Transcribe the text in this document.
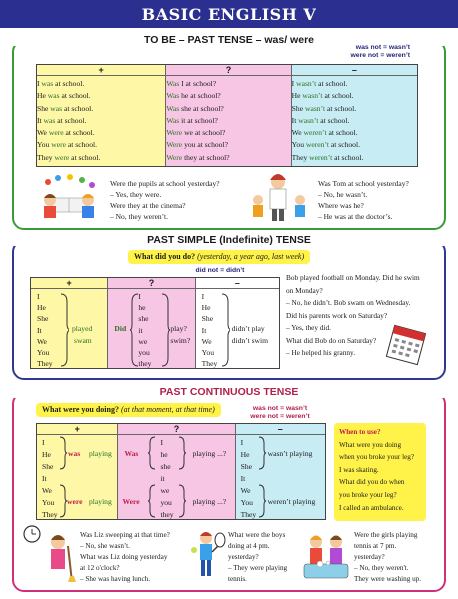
BASIC ENGLISH V
TO BE – PAST TENSE – was/ were
was not = wasn’t
were not = weren’t
+
I was at school.
He was at school.
She was at school.
It was at school.
We were at school.
You were at school.
They were at school.
?
Was I at school?
Was he at school?
Was she at school?
Was it at school?
Were we at school?
Were you at school?
Were they at school?
–
I wasn’t at school.
He wasn’t at school.
She wasn’t at school.
It wasn’t at school.
We weren’t at school.
You weren’t at school.
They weren’t at school.
Were the pupils at school yesterday?
– Yes, they were.
Were they at the cinema?
– No, they weren’t.
Was Tom at school yesterday?
– No, he wasn’t.
Where was he?
– He was at the doctor’s.
PAST SIMPLE (Indefinite) TENSE
What did you do? (yesterday, a year ago, last week)
did not = didn’t
+
I
He
She
It
We
You
They
played
swam
?
Did
I
he
she
it
we
you
they
play?
swim?
–
I
He
She
It
We
You
They
didn’t play
didn’t swim
Bob played football on Monday. Did he swim
on Monday?
– No, he didn’t. Bob swam on Wednesday.
Did his parents work on Saturday?
– Yes, they did.
What did Bob do on Saturday?
– He helped his granny.
PAST CONTINUOUS TENSE
What were you doing? (at that moment, at that time)	was not = wasn’t
were not = weren’t
+
I
He
She
It
We
You
They
was
were
playing
playing
?
Was
Were
I
he
she
it
we
you
they
playing ...?
playing ...?
–
I
He
She
It
We
You
They
wasn’t playing
weren’t playing
When to use?
What were you doing
when you broke your leg?
I was skating.
What did you do when
you broke your leg?
I called an ambulance.
Was Liz sweeping at that time?
– No, she wasn’t.
What was Liz doing yesterday
at 12 o'clock?
– She was having lunch.
What were the boys
doing at 4 pm.
yesterday?
– They were playing
tennis.
Were the girls playing
tennis at 7 pm.
yesterday?
– No, they weren't.
They were washing up.
